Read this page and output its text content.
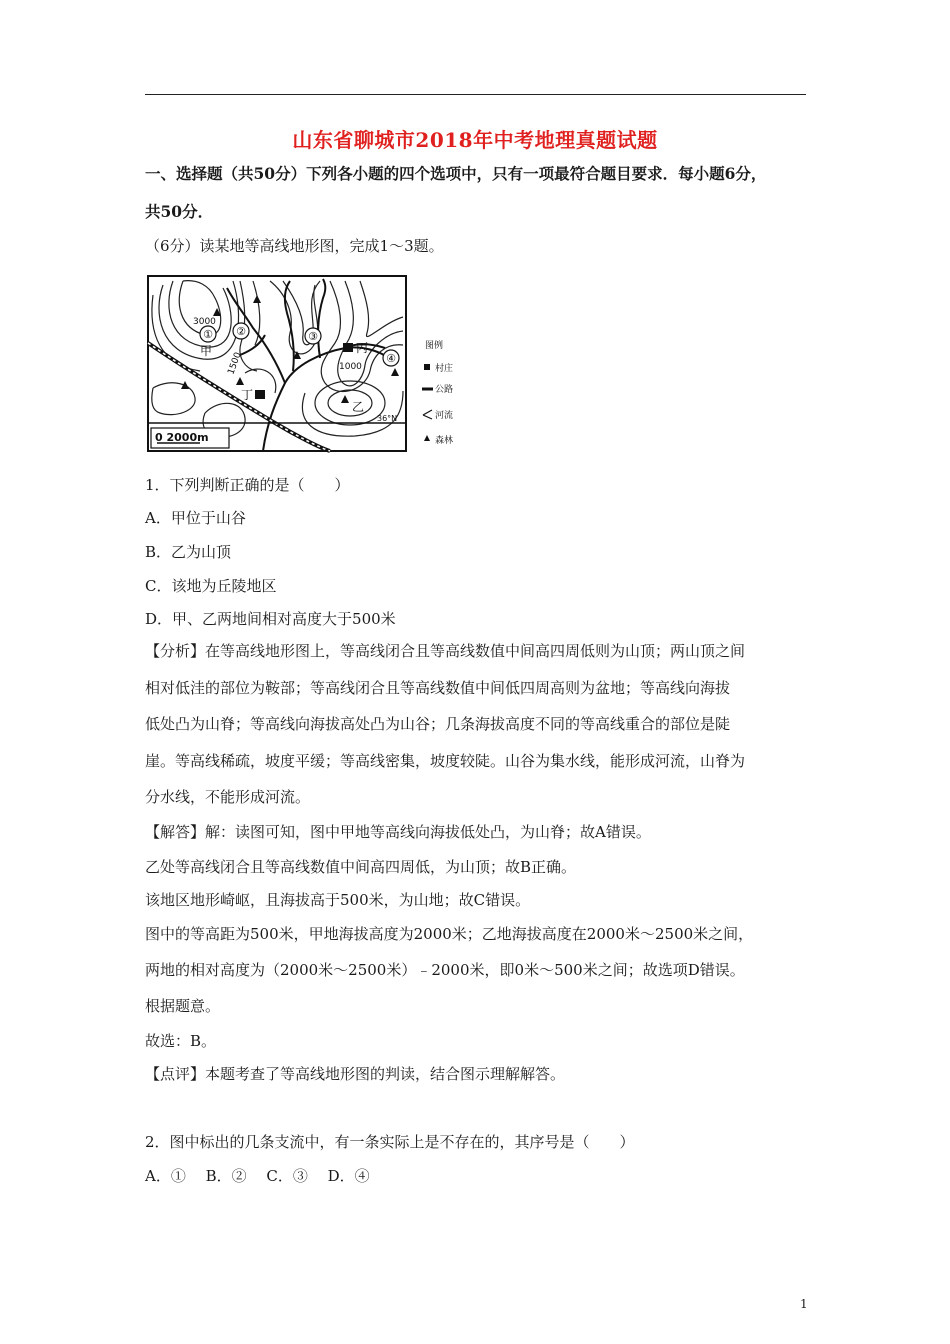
山东省聊城市2018年中考地理真题试题
一、选择题（共50分）下列各小题的四个选项中，只有一项最符合题目要求．每小题6分，
共50分．
（6分）读某地等高线地形图，完成1～3题。
① ②	③
④
3000
1500	1000
36°N
甲
乙
丙
丁
0 2000m
图例
村庄
公路
河流
森林
1．下列判断正确的是（　　）
A．甲位于山谷
B．乙为山顶
C．该地为丘陵地区
D．甲、乙两地间相对高度大于500米
【分析】在等高线地形图上，等高线闭合且等高线数值中间高四周低则为山顶；两山顶之间
相对低洼的部位为鞍部；等高线闭合且等高线数值中间低四周高则为盆地；等高线向海拔
低处凸为山脊；等高线向海拔高处凸为山谷；几条海拔高度不同的等高线重合的部位是陡
崖。等高线稀疏，坡度平缓；等高线密集，坡度较陡。山谷为集水线，能形成河流，山脊为
分水线，不能形成河流。
【解答】解：读图可知，图中甲地等高线向海拔低处凸，为山脊；故A错误。
乙处等高线闭合且等高线数值中间高四周低，为山顶；故B正确。
该地区地形崎岖，且海拔高于500米，为山地；故C错误。
图中的等高距为500米，甲地海拔高度为2000米；乙地海拔高度在2000米～2500米之间，
两地的相对高度为（2000米～2500米）﹣2000米，即0米～500米之间；故选项D错误。
根据题意。
故选：B。
【点评】本题考查了等高线地形图的判读，结合图示理解解答。
2．图中标出的几条支流中，有一条实际上是不存在的，其序号是（　　）
A．①　 B．②　 C．③　 D．④
1
